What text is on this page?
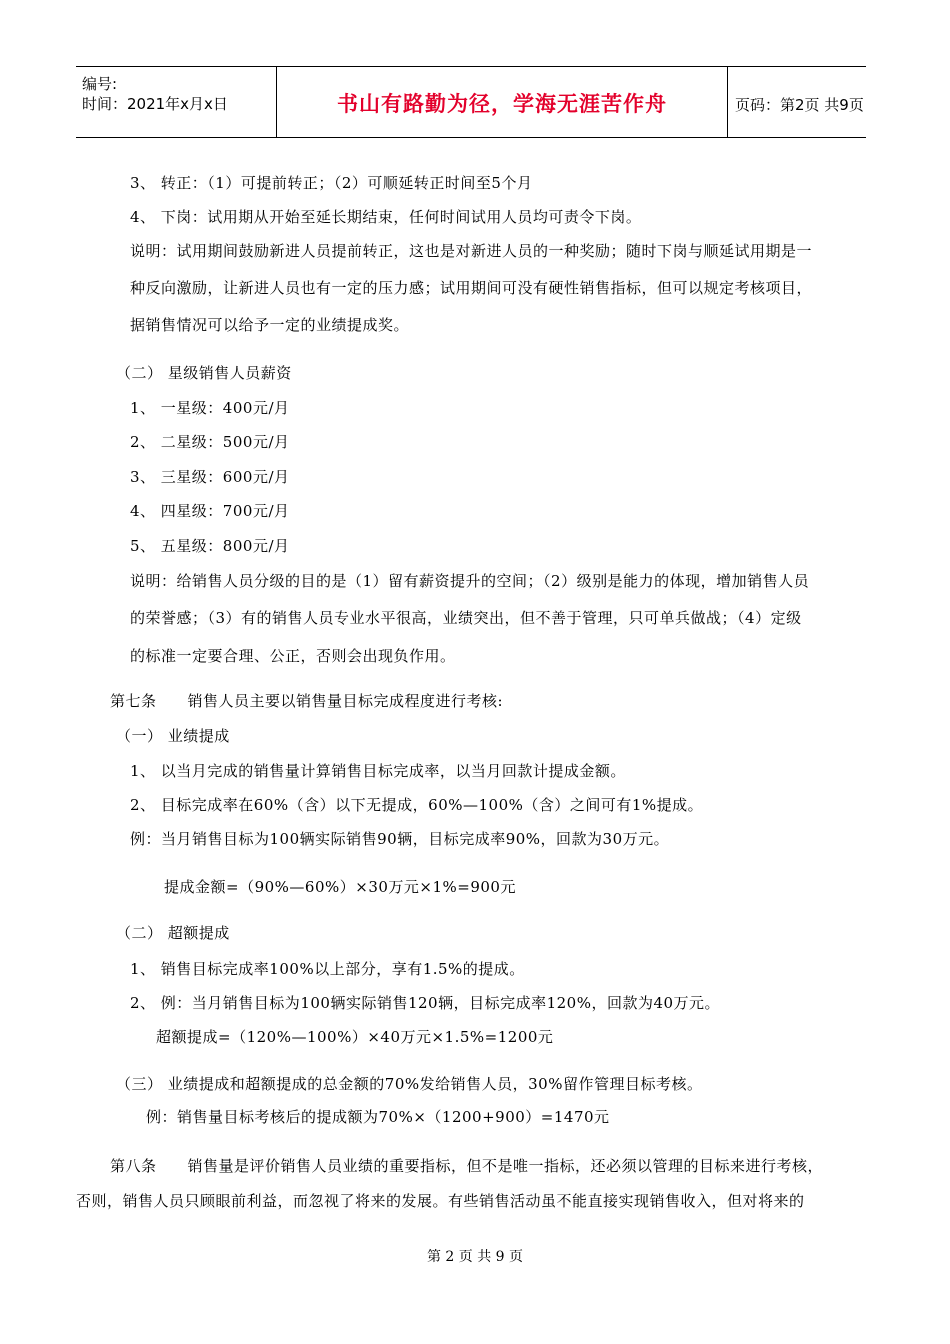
编号:
时间：2021年x月x日	书山有路勤为径，学海无涯苦作舟	页码：第2页 共9页
3、 转正：（1）可提前转正；（2）可顺延转正时间至5个月
4、 下岗：试用期从开始至延长期结束，任何时间试用人员均可责令下岗。
说明：试用期间鼓励新进人员提前转正，这也是对新进人员的一种奖励；随时下岗与顺延试用期是一
种反向激励，让新进人员也有一定的压力感；试用期间可没有硬性销售指标，但可以规定考核项目，
据销售情况可以给予一定的业绩提成奖。
（二） 星级销售人员薪资
1、 一星级：400元/月
2、 二星级：500元/月
3、 三星级：600元/月
4、 四星级：700元/月
5、 五星级：800元/月
说明：给销售人员分级的目的是（1）留有薪资提升的空间；（2）级别是能力的体现，增加销售人员
的荣誉感；（3）有的销售人员专业水平很高，业绩突出，但不善于管理，只可单兵做战；（4）定级
的标准一定要合理、公正，否则会出现负作用。
第七条　　销售人员主要以销售量目标完成程度进行考核:
（一） 业绩提成
1、 以当月完成的销售量计算销售目标完成率，以当月回款计提成金额。
2、 目标完成率在60%（含）以下无提成，60%—100%（含）之间可有1%提成。
例：当月销售目标为100辆实际销售90辆，目标完成率90%，回款为30万元。
提成金额=（90%—60%）×30万元×1%=900元
（二） 超额提成
1、 销售目标完成率100%以上部分，享有1.5%的提成。
2、 例：当月销售目标为100辆实际销售120辆，目标完成率120%，回款为40万元。
超额提成=（120%—100%）×40万元×1.5%=1200元
（三） 业绩提成和超额提成的总金额的70%发给销售人员，30%留作管理目标考核。
例：销售量目标考核后的提成额为70%×（1200+900）=1470元
第八条　　销售量是评价销售人员业绩的重要指标，但不是唯一指标，还必须以管理的目标来进行考核，
否则，销售人员只顾眼前利益，而忽视了将来的发展。有些销售活动虽不能直接实现销售收入，但对将来的
第 2 页 共 9 页
